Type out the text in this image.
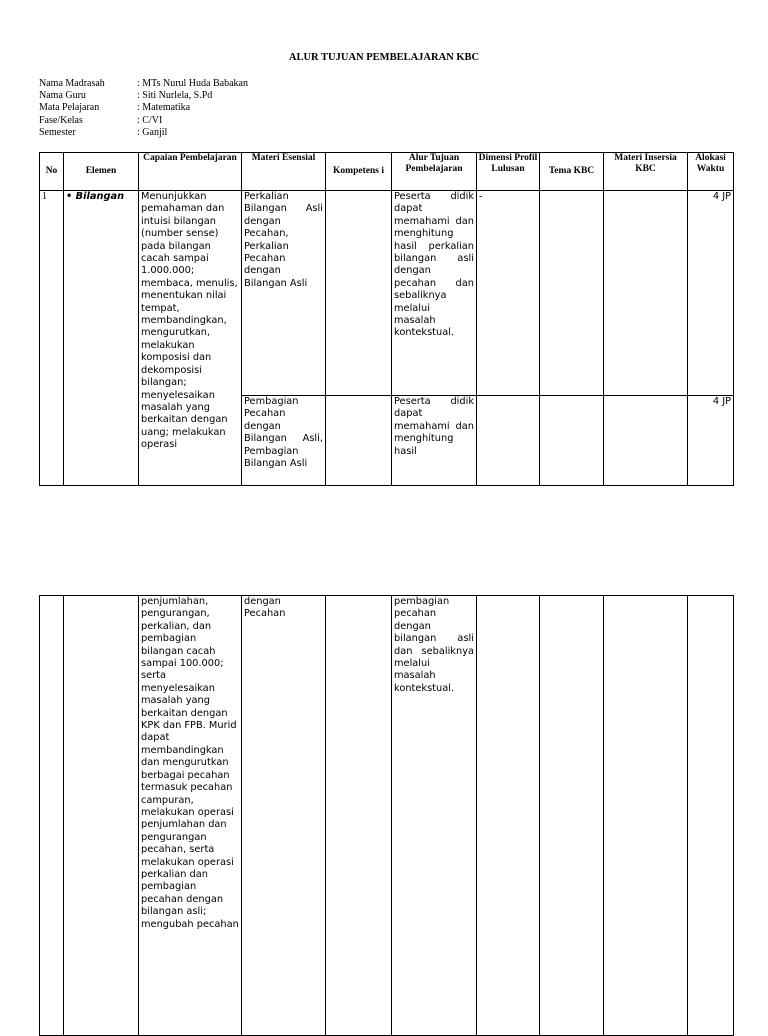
ALUR TUJUAN PEMBELAJARAN KBC
Nama Madrasah	: MTs Nurul Huda Babakan
Nama Guru	: Siti Nurlela, S.Pd
Mata Pelajaran	: Matematika
Fase/Kelas	: C/VI
Semester	: Ganjil
No	Elemen	Capaian Pembelajaran	Materi Esensial	Kompetens i	Alur Tujuan Pembelajaran	Dimensi Profil Lulusan	Tema KBC	Materi Insersia KBC	Alokasi Waktu
1	• Bilangan	Menunjukkan pemahaman dan intuisi bilangan (number sense) pada bilangan cacah sampai 1.000.000; membaca, menulis, menentukan nilai tempat, membandingkan, mengurutkan, melakukan komposisi dan dekomposisi bilangan; menyelesaikan masalah yang berkaitan dengan uang; melakukan operasi	Perkalian Bilangan Asli dengan Pecahan, Perkalian Pecahan dengan Bilangan Asli		Peserta didik dapat memahami dan menghitung hasil perkalian bilangan asli dengan pecahan dan sebaliknya melalui masalah kontekstual.	-			4 JP
			Pembagian Pecahan dengan Bilangan Asli, Pembagian Bilangan Asli		Peserta didik dapat memahami dan menghitung hasil				4 JP
		penjumlahan, pengurangan, perkalian, dan pembagian bilangan cacah sampai 100.000; serta menyelesaikan masalah yang berkaitan dengan KPK dan FPB. Murid dapat membandingkan dan mengurutkan berbagai pecahan termasuk pecahan campuran, melakukan operasi penjumlahan dan pengurangan pecahan, serta melakukan operasi perkalian dan pembagian pecahan dengan bilangan asli; mengubah pecahan	dengan Pecahan		pembagian pecahan dengan bilangan asli dan sebaliknya melalui masalah kontekstual.				
